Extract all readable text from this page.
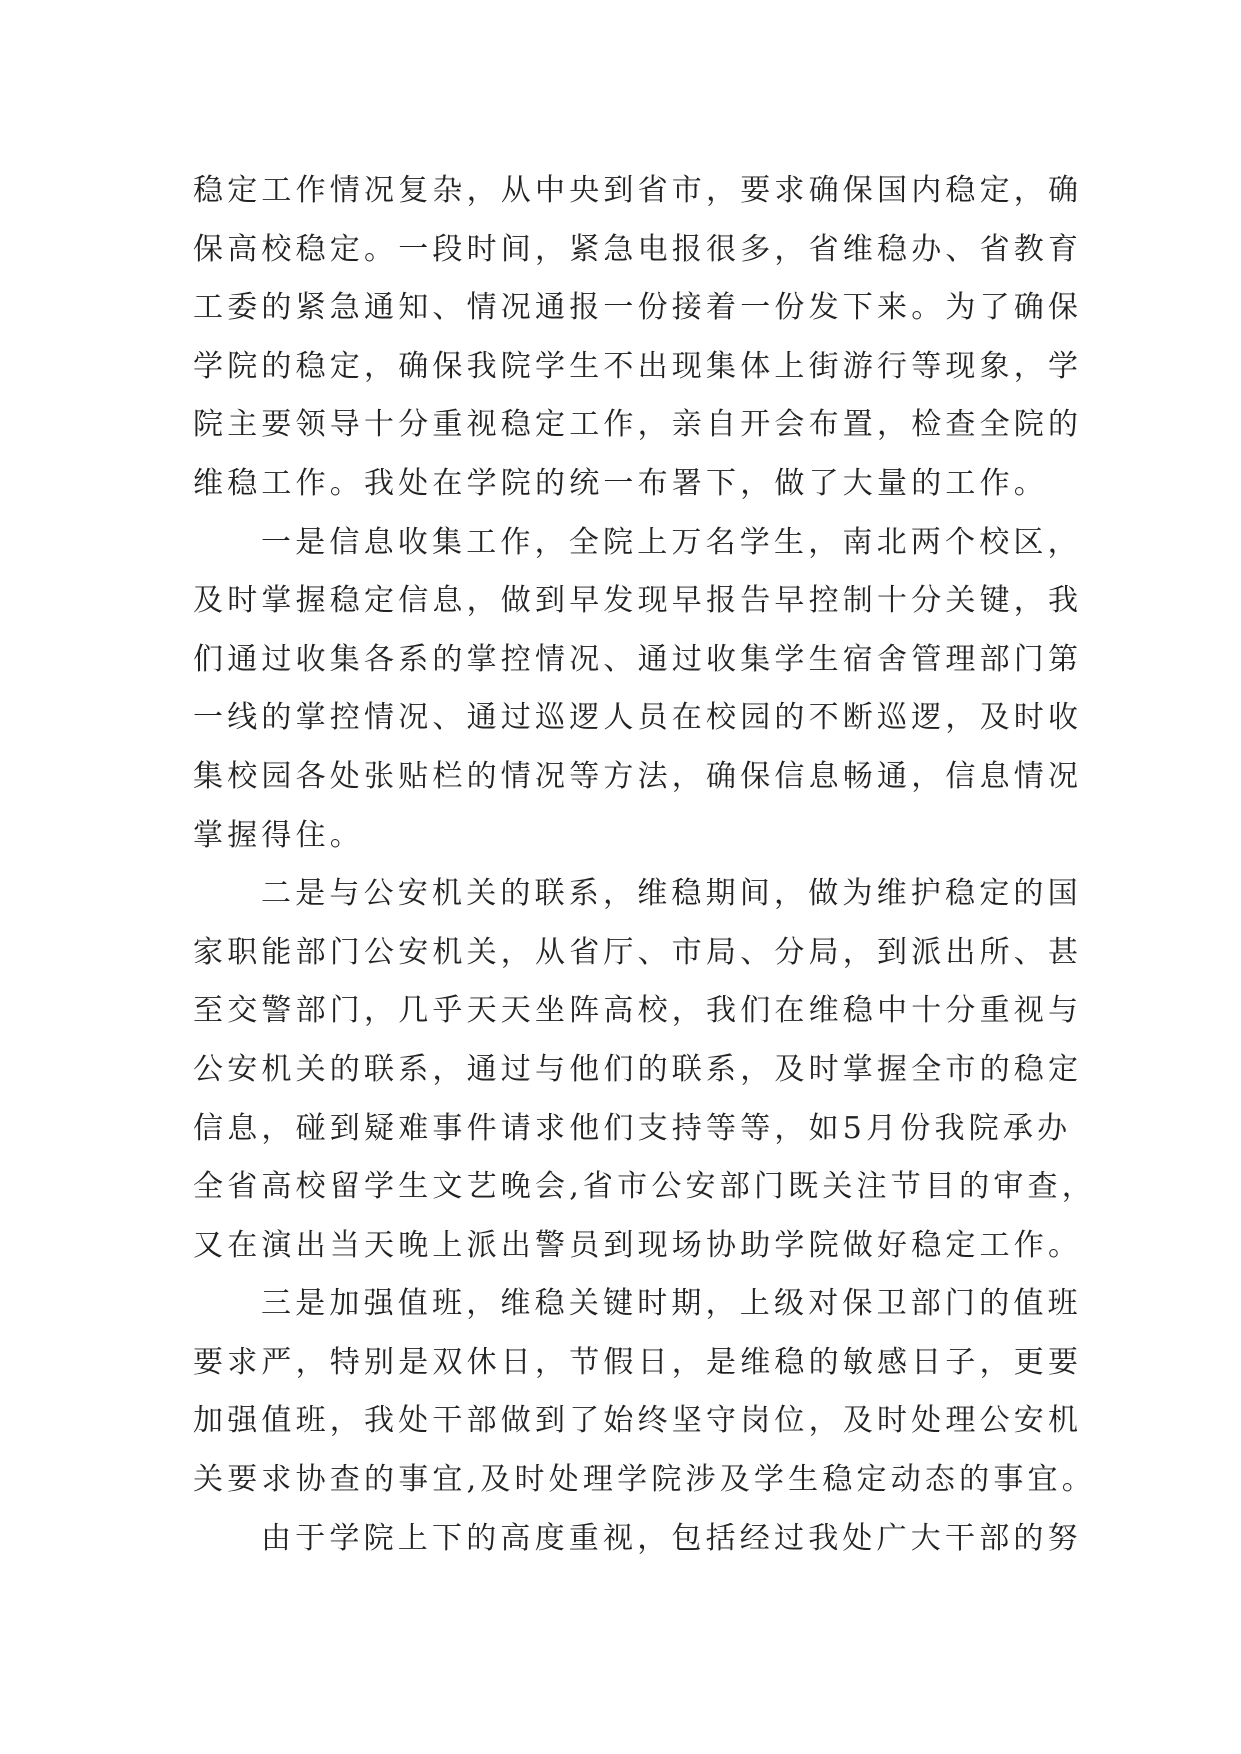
稳定工作情况复杂，从中央到省市，要求确保国内稳定，确
保高校稳定。一段时间，紧急电报很多，省维稳办、省教育
工委的紧急通知、情况通报一份接着一份发下来。为了确保
学院的稳定，确保我院学生不出现集体上街游行等现象，学
院主要领导十分重视稳定工作，亲自开会布置，检查全院的
维稳工作。我处在学院的统一布署下，做了大量的工作。
一是信息收集工作，全院上万名学生，南北两个校区，
及时掌握稳定信息，做到早发现早报告早控制十分关键，我
们通过收集各系的掌控情况、通过收集学生宿舍管理部门第
一线的掌控情况、通过巡逻人员在校园的不断巡逻，及时收
集校园各处张贴栏的情况等方法，确保信息畅通，信息情况
掌握得住。
二是与公安机关的联系，维稳期间，做为维护稳定的国
家职能部门公安机关，从省厅、市局、分局，到派出所、甚
至交警部门，几乎天天坐阵高校，我们在维稳中十分重视与
公安机关的联系，通过与他们的联系，及时掌握全市的稳定
信息，碰到疑难事件请求他们支持等等，如5月份我院承办
全省高校留学生文艺晚会,省市公安部门既关注节目的审查，
又在演出当天晚上派出警员到现场协助学院做好稳定工作。
三是加强值班，维稳关键时期，上级对保卫部门的值班
要求严，特别是双休日，节假日，是维稳的敏感日子，更要
加强值班，我处干部做到了始终坚守岗位，及时处理公安机
关要求协查的事宜,及时处理学院涉及学生稳定动态的事宜。
由于学院上下的高度重视，包括经过我处广大干部的努
